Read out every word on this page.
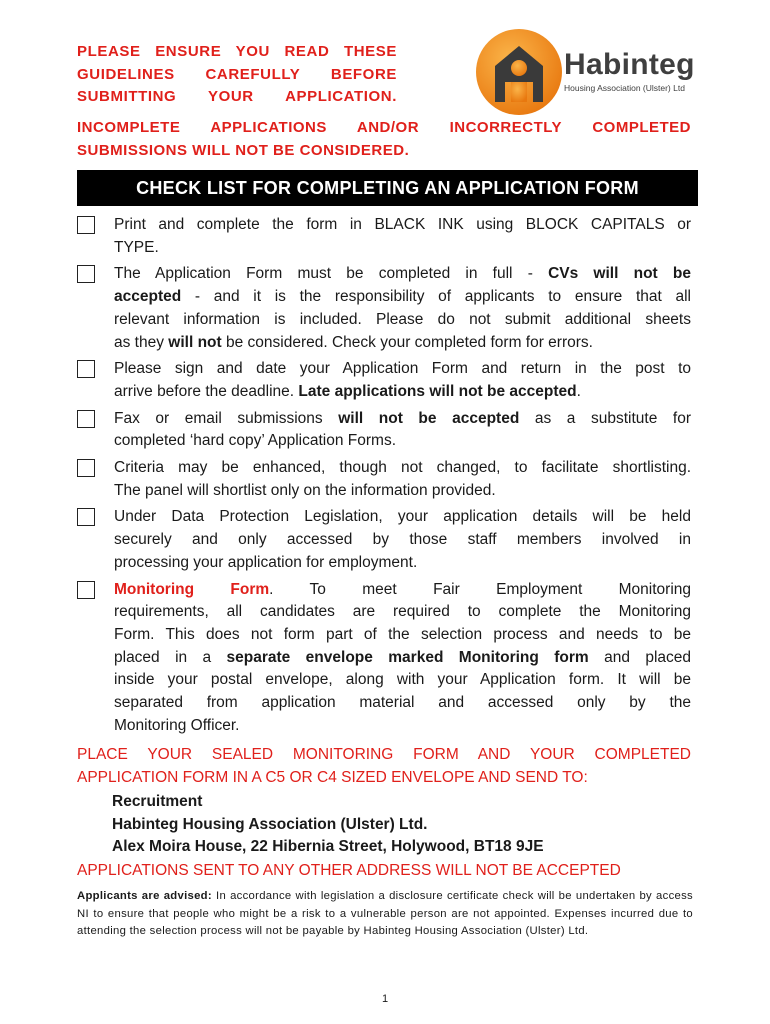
PLEASE ENSURE YOU READ THESE
GUIDELINES CAREFULLY BEFORE
SUBMITTING YOUR APPLICATION.
Habinteg
Housing Association (Ulster) Ltd
INCOMPLETE APPLICATIONS AND/OR INCORRECTLY COMPLETED
SUBMISSIONS WILL NOT BE CONSIDERED.
CHECK LIST FOR COMPLETING AN APPLICATION FORM
Print and complete the form in BLACK INK using BLOCK CAPITALS or
TYPE.
The Application Form must be completed in full - CVs will not be
accepted - and it is the responsibility of applicants to ensure that all
relevant information is included. Please do not submit additional sheets
as they will not be considered. Check your completed form for errors.
Please sign and date your Application Form and return in the post to
arrive before the deadline. Late applications will not be accepted.
Fax or email submissions will not be accepted as a substitute for
completed ‘hard copy’ Application Forms.
Criteria may be enhanced, though not changed, to facilitate shortlisting.
The panel will shortlist only on the information provided.
Under Data Protection Legislation, your application details will be held
securely and only accessed by those staff members involved in
processing your application for employment.
Monitoring Form. To meet Fair Employment Monitoring
requirements, all candidates are required to complete the Monitoring
Form. This does not form part of the selection process and needs to be
placed in a separate envelope marked Monitoring form and placed
inside your postal envelope, along with your Application form. It will be
separated from application material and accessed only by the
Monitoring Officer.
PLACE YOUR SEALED MONITORING FORM AND YOUR COMPLETED
APPLICATION FORM IN A C5 OR C4 SIZED ENVELOPE AND SEND TO:
Recruitment
Habinteg Housing Association (Ulster) Ltd.
Alex Moira House, 22 Hibernia Street, Holywood, BT18 9JE
APPLICATIONS SENT TO ANY OTHER ADDRESS WILL NOT BE ACCEPTED
Applicants are advised: In accordance with legislation a disclosure certificate check will be undertaken by access NI to ensure that people who might be a risk to a vulnerable person are not appointed. Expenses incurred due to attending the selection process will not be payable by Habinteg Housing Association (Ulster) Ltd.
1
